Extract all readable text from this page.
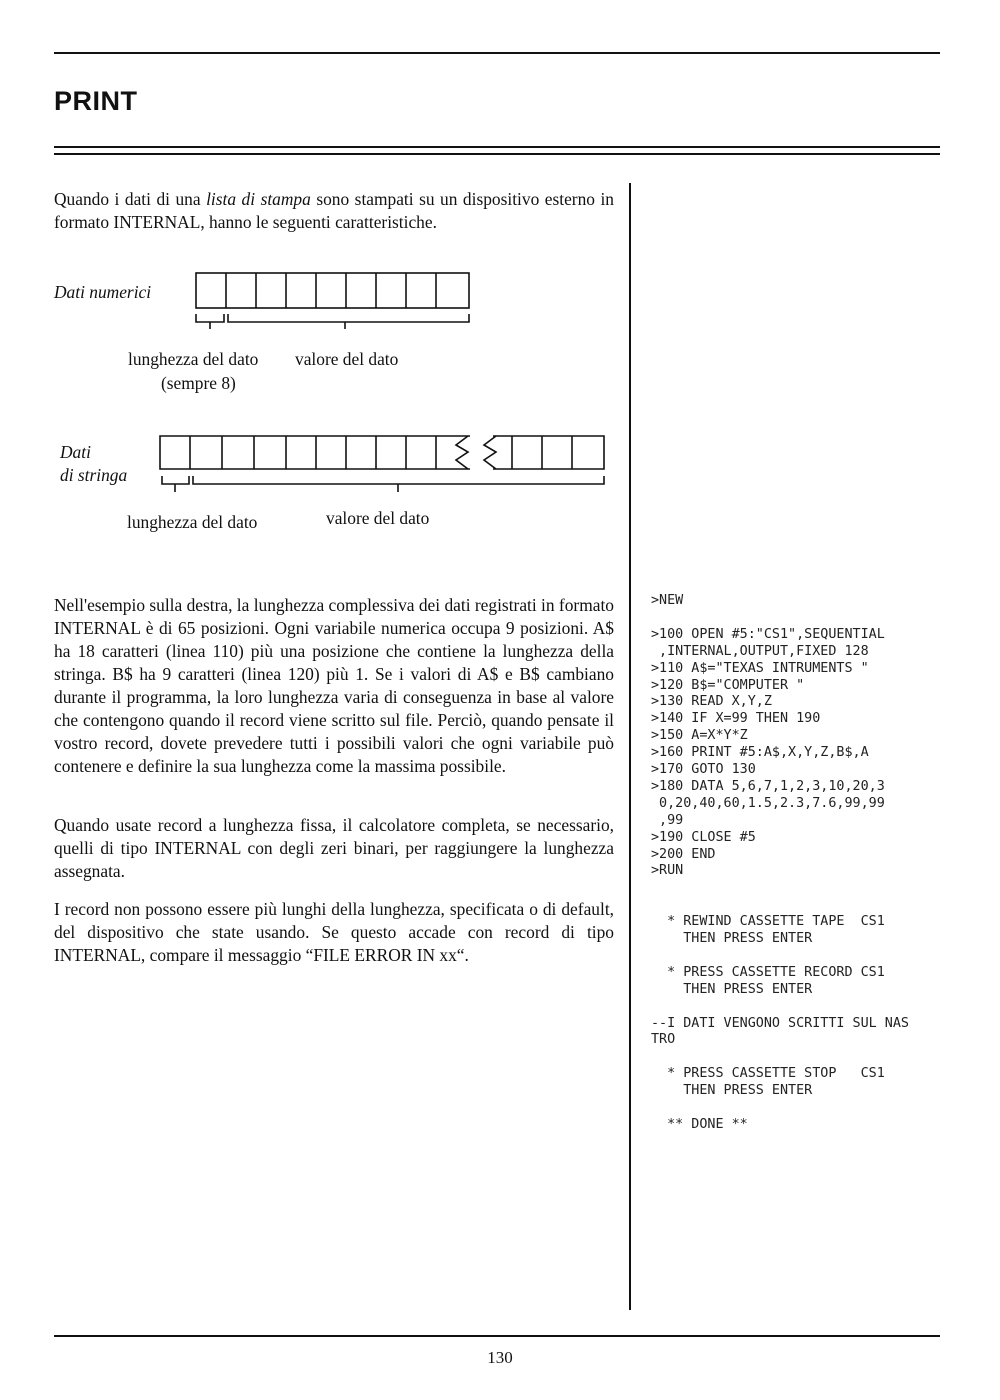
PRINT

Quando i dati di una lista di stampa sono stampati su un dispositivo esterno in formato INTERNAL, hanno le seguenti caratteristiche.

Dati numerici

lunghezza del dato

(sempre 8)

valore del dato

Dati

di stringa

lunghezza del dato	valore del dato

Nell'esempio sulla destra, la lunghezza complessiva dei dati registrati in formato INTERNAL è di 65 posizioni. Ogni variabile numerica occupa 9 posizioni. A$ ha 18 caratteri (linea 110) più una posizione che contiene la lunghezza della stringa. B$ ha 9 caratteri (linea 120) più 1. Se i valori di A$ e B$ cambiano durante il programma, la loro lunghezza varia di conseguenza in base al valore che contengono quando il record viene scritto sul file. Perciò, quando pensate il vostro record, dovete prevedere tutti i possibili valori che ogni variabile può contenere e definire la sua lunghezza come la massima possibile.

Quando usate record a lunghezza fissa, il calcolatore completa, se necessario, quelli di tipo INTERNAL con degli zeri binari, per raggiungere la lunghezza assegnata.

I record non possono essere più lunghi della lunghezza, specificata o di default, del dispositivo che state usando. Se questo accade con record di tipo INTERNAL, compare il messaggio “FILE ERROR IN xx“.

>NEW
>100 OPEN #5:"CS1",SEQUENTIAL
,INTERNAL,OUTPUT,FIXED 128
>110 A$="TEXAS INTRUMENTS "
>120 B$="COMPUTER "
>130 READ X,Y,Z
>140 IF X=99 THEN 190
>150 A=X*Y*Z
>160 PRINT #5:A$,X,Y,Z,B$,A
>170 GOTO 130
>180 DATA 5,6,7,1,2,3,10,20,3
0,20,40,60,1.5,2.3,7.6,99,99
,99
>190 CLOSE #5
>200 END
>RUN
* REWIND CASSETTE TAPE  CS1
THEN PRESS ENTER
* PRESS CASSETTE RECORD CS1
THEN PRESS ENTER
--I DATI VENGONO SCRITTI SUL NAS
TRO
* PRESS CASSETTE STOP   CS1
THEN PRESS ENTER
** DONE **

130
